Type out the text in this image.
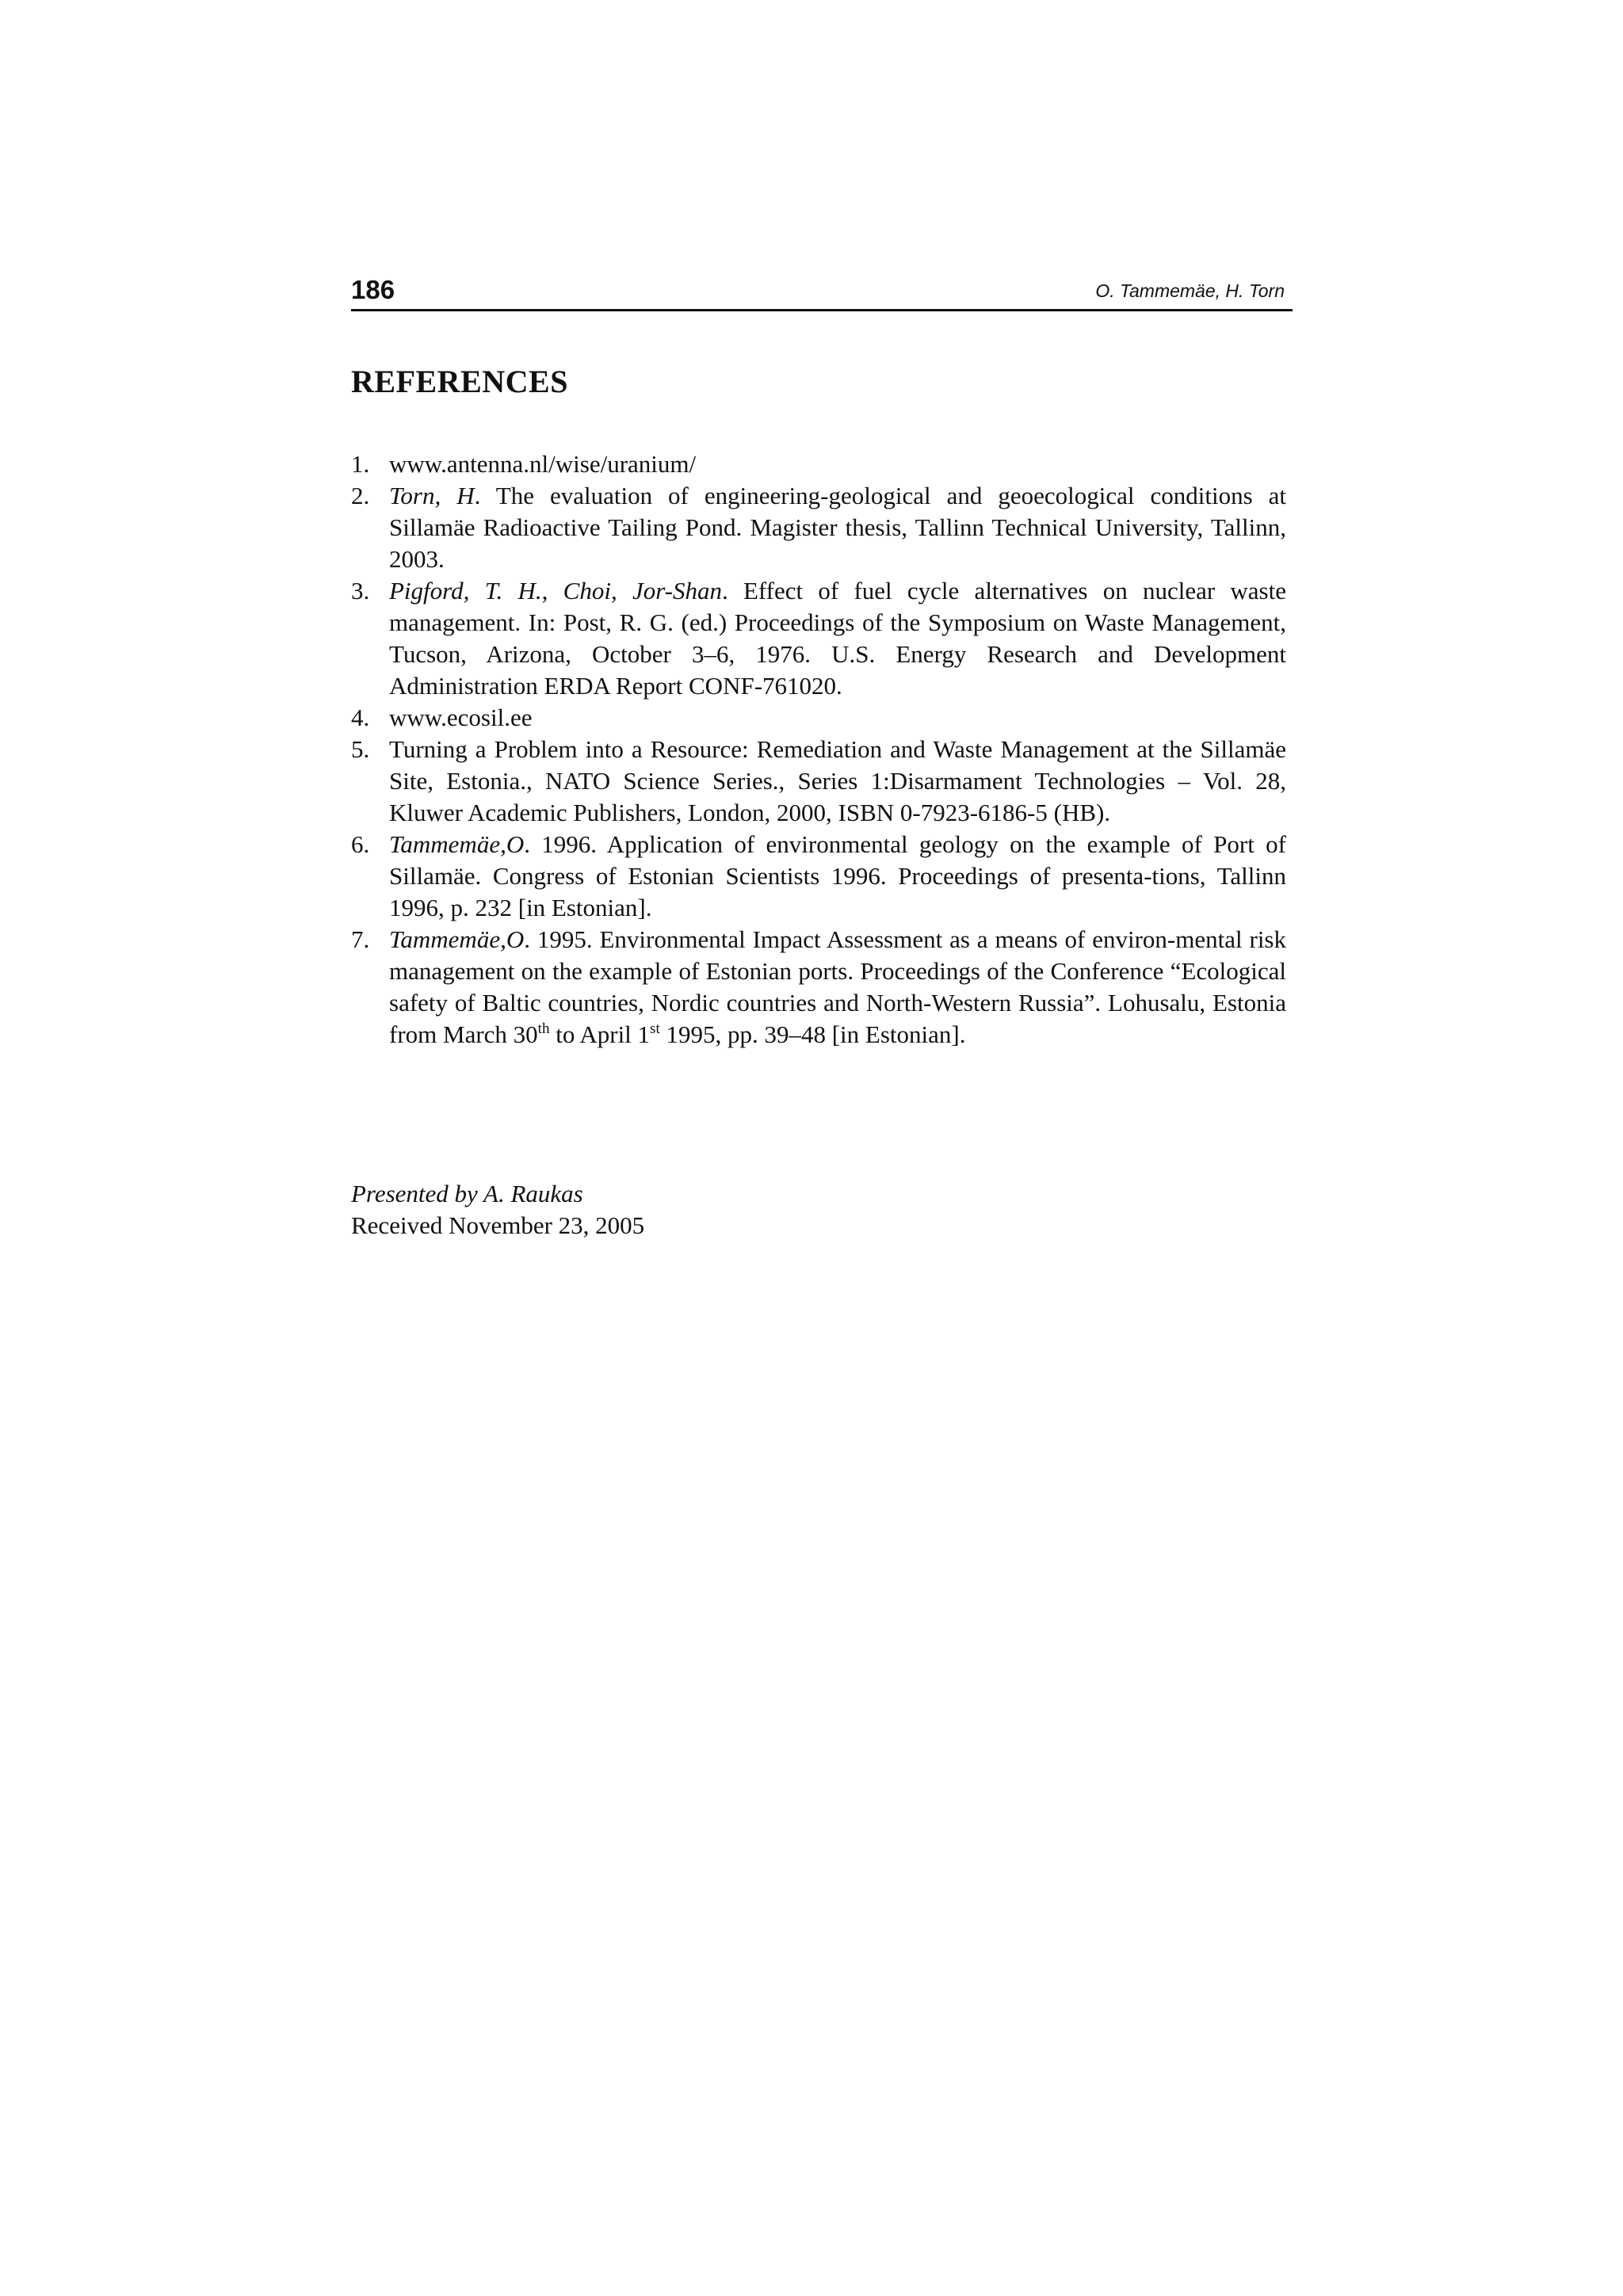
186	O. Tammemäe, H. Torn
REFERENCES
1. www.antenna.nl/wise/uranium/
2. Torn, H. The evaluation of engineering-geological and geoecological conditions at Sillamäe Radioactive Tailing Pond. Magister thesis, Tallinn Technical University, Tallinn, 2003.
3. Pigford, T. H., Choi, Jor-Shan. Effect of fuel cycle alternatives on nuclear waste management. In: Post, R. G. (ed.) Proceedings of the Symposium on Waste Management, Tucson, Arizona, October 3–6, 1976. U.S. Energy Research and Development Administration ERDA Report CONF-761020.
4. www.ecosil.ee
5. Turning a Problem into a Resource: Remediation and Waste Management at the Sillamäe Site, Estonia., NATO Science Series., Series 1:Disarmament Technologies – Vol. 28, Kluwer Academic Publishers, London, 2000, ISBN 0-7923-6186-5 (HB).
6. Tammemäe,O. 1996. Application of environmental geology on the example of Port of Sillamäe. Congress of Estonian Scientists 1996. Proceedings of presenta-tions, Tallinn 1996, p. 232 [in Estonian].
7. Tammemäe,O. 1995. Environmental Impact Assessment as a means of environ-mental risk management on the example of Estonian ports. Proceedings of the Conference “Ecological safety of Baltic countries, Nordic countries and North-Western Russia”. Lohusalu, Estonia from March 30th to April 1st 1995, pp. 39–48 [in Estonian].
Presented by A. Raukas
Received November 23, 2005
